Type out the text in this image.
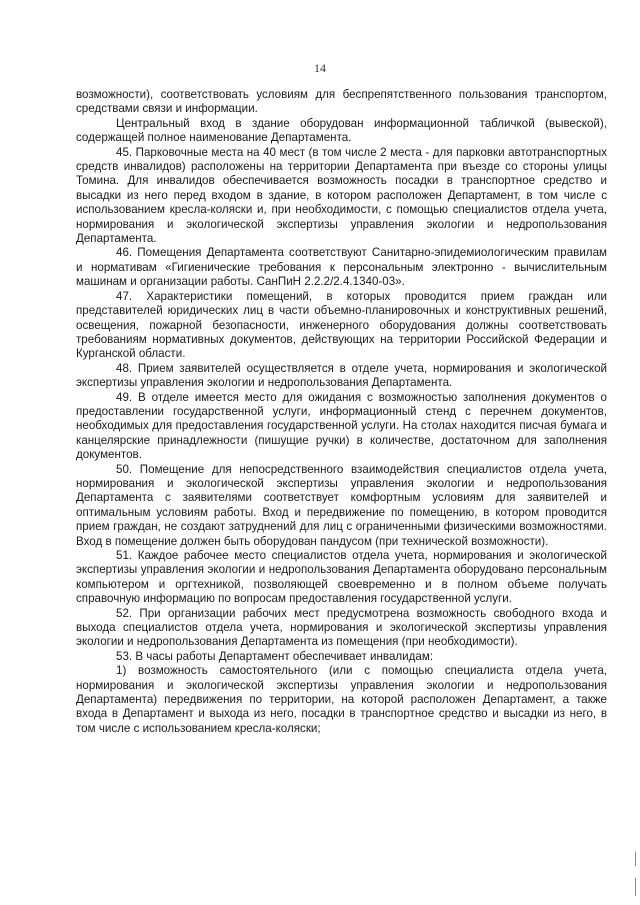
14

возможности), соответствовать условиям для беспрепятственного пользования транспортом, средствами связи и информации.

Центральный вход в здание оборудован информационной табличкой (вывеской), содержащей полное наименование Департамента.

45. Парковочные места на 40 мест (в том числе 2 места - для парковки автотранспортных средств инвалидов) расположены на территории Департамента при въезде со стороны улицы Томина. Для инвалидов обеспечивается возможность посадки в транспортное средство и высадки из него перед входом в здание, в котором расположен Департамент, в том числе с использованием кресла-коляски и, при необходимости, с помощью специалистов отдела учета, нормирования и экологической экспертизы управления экологии и недропользования Департамента.

46. Помещения Департамента соответствуют Санитарно-эпидемиологическим правилам и нормативам «Гигиенические требования к персональным электронно - вычислительным машинам и организации работы. СанПиН 2.2.2/2.4.1340-03».

47. Характеристики помещений, в которых проводится прием граждан или представителей юридических лиц в части объемно-планировочных и конструктивных решений, освещения, пожарной безопасности, инженерного оборудования должны соответствовать требованиям нормативных документов, действующих на территории Российской Федерации и Курганской области.

48. Прием заявителей осуществляется в отделе учета, нормирования и экологической экспертизы управления экологии и недропользования Департамента.

49. В отделе имеется место для ожидания с возможностью заполнения документов о предоставлении государственной услуги, информационный стенд с перечнем документов, необходимых для предоставления государственной услуги. На столах находится писчая бумага и канцелярские принадлежности (пишущие ручки) в количестве, достаточном для заполнения документов.

50. Помещение для непосредственного взаимодействия специалистов отдела учета, нормирования и экологической экспертизы управления экологии и недропользования Департамента с заявителями соответствует комфортным условиям для заявителей и оптимальным условиям работы. Вход и передвижение по помещению, в котором проводится прием граждан, не создают затруднений для лиц с ограниченными физическими возможностями. Вход в помещение должен быть оборудован пандусом (при технической возможности).

51. Каждое рабочее место специалистов отдела учета, нормирования и экологической экспертизы управления экологии и недропользования Департамента оборудовано персональным компьютером и оргтехникой, позволяющей своевременно и в полном объеме получать справочную информацию по вопросам предоставления государственной услуги.

52. При организации рабочих мест предусмотрена возможность свободного входа и выхода специалистов отдела учета, нормирования и экологической экспертизы управления экологии и недропользования Департамента из помещения (при необходимости).

53. В часы работы Департамент обеспечивает инвалидам:

1) возможность самостоятельного (или с помощью специалиста отдела учета, нормирования и экологической экспертизы управления экологии и недропользования Департамента) передвижения по территории, на которой расположен Департамент, а также входа в Департамент и выхода из него, посадки в транспортное средство и высадки из него, в том числе с использованием кресла-коляски;
